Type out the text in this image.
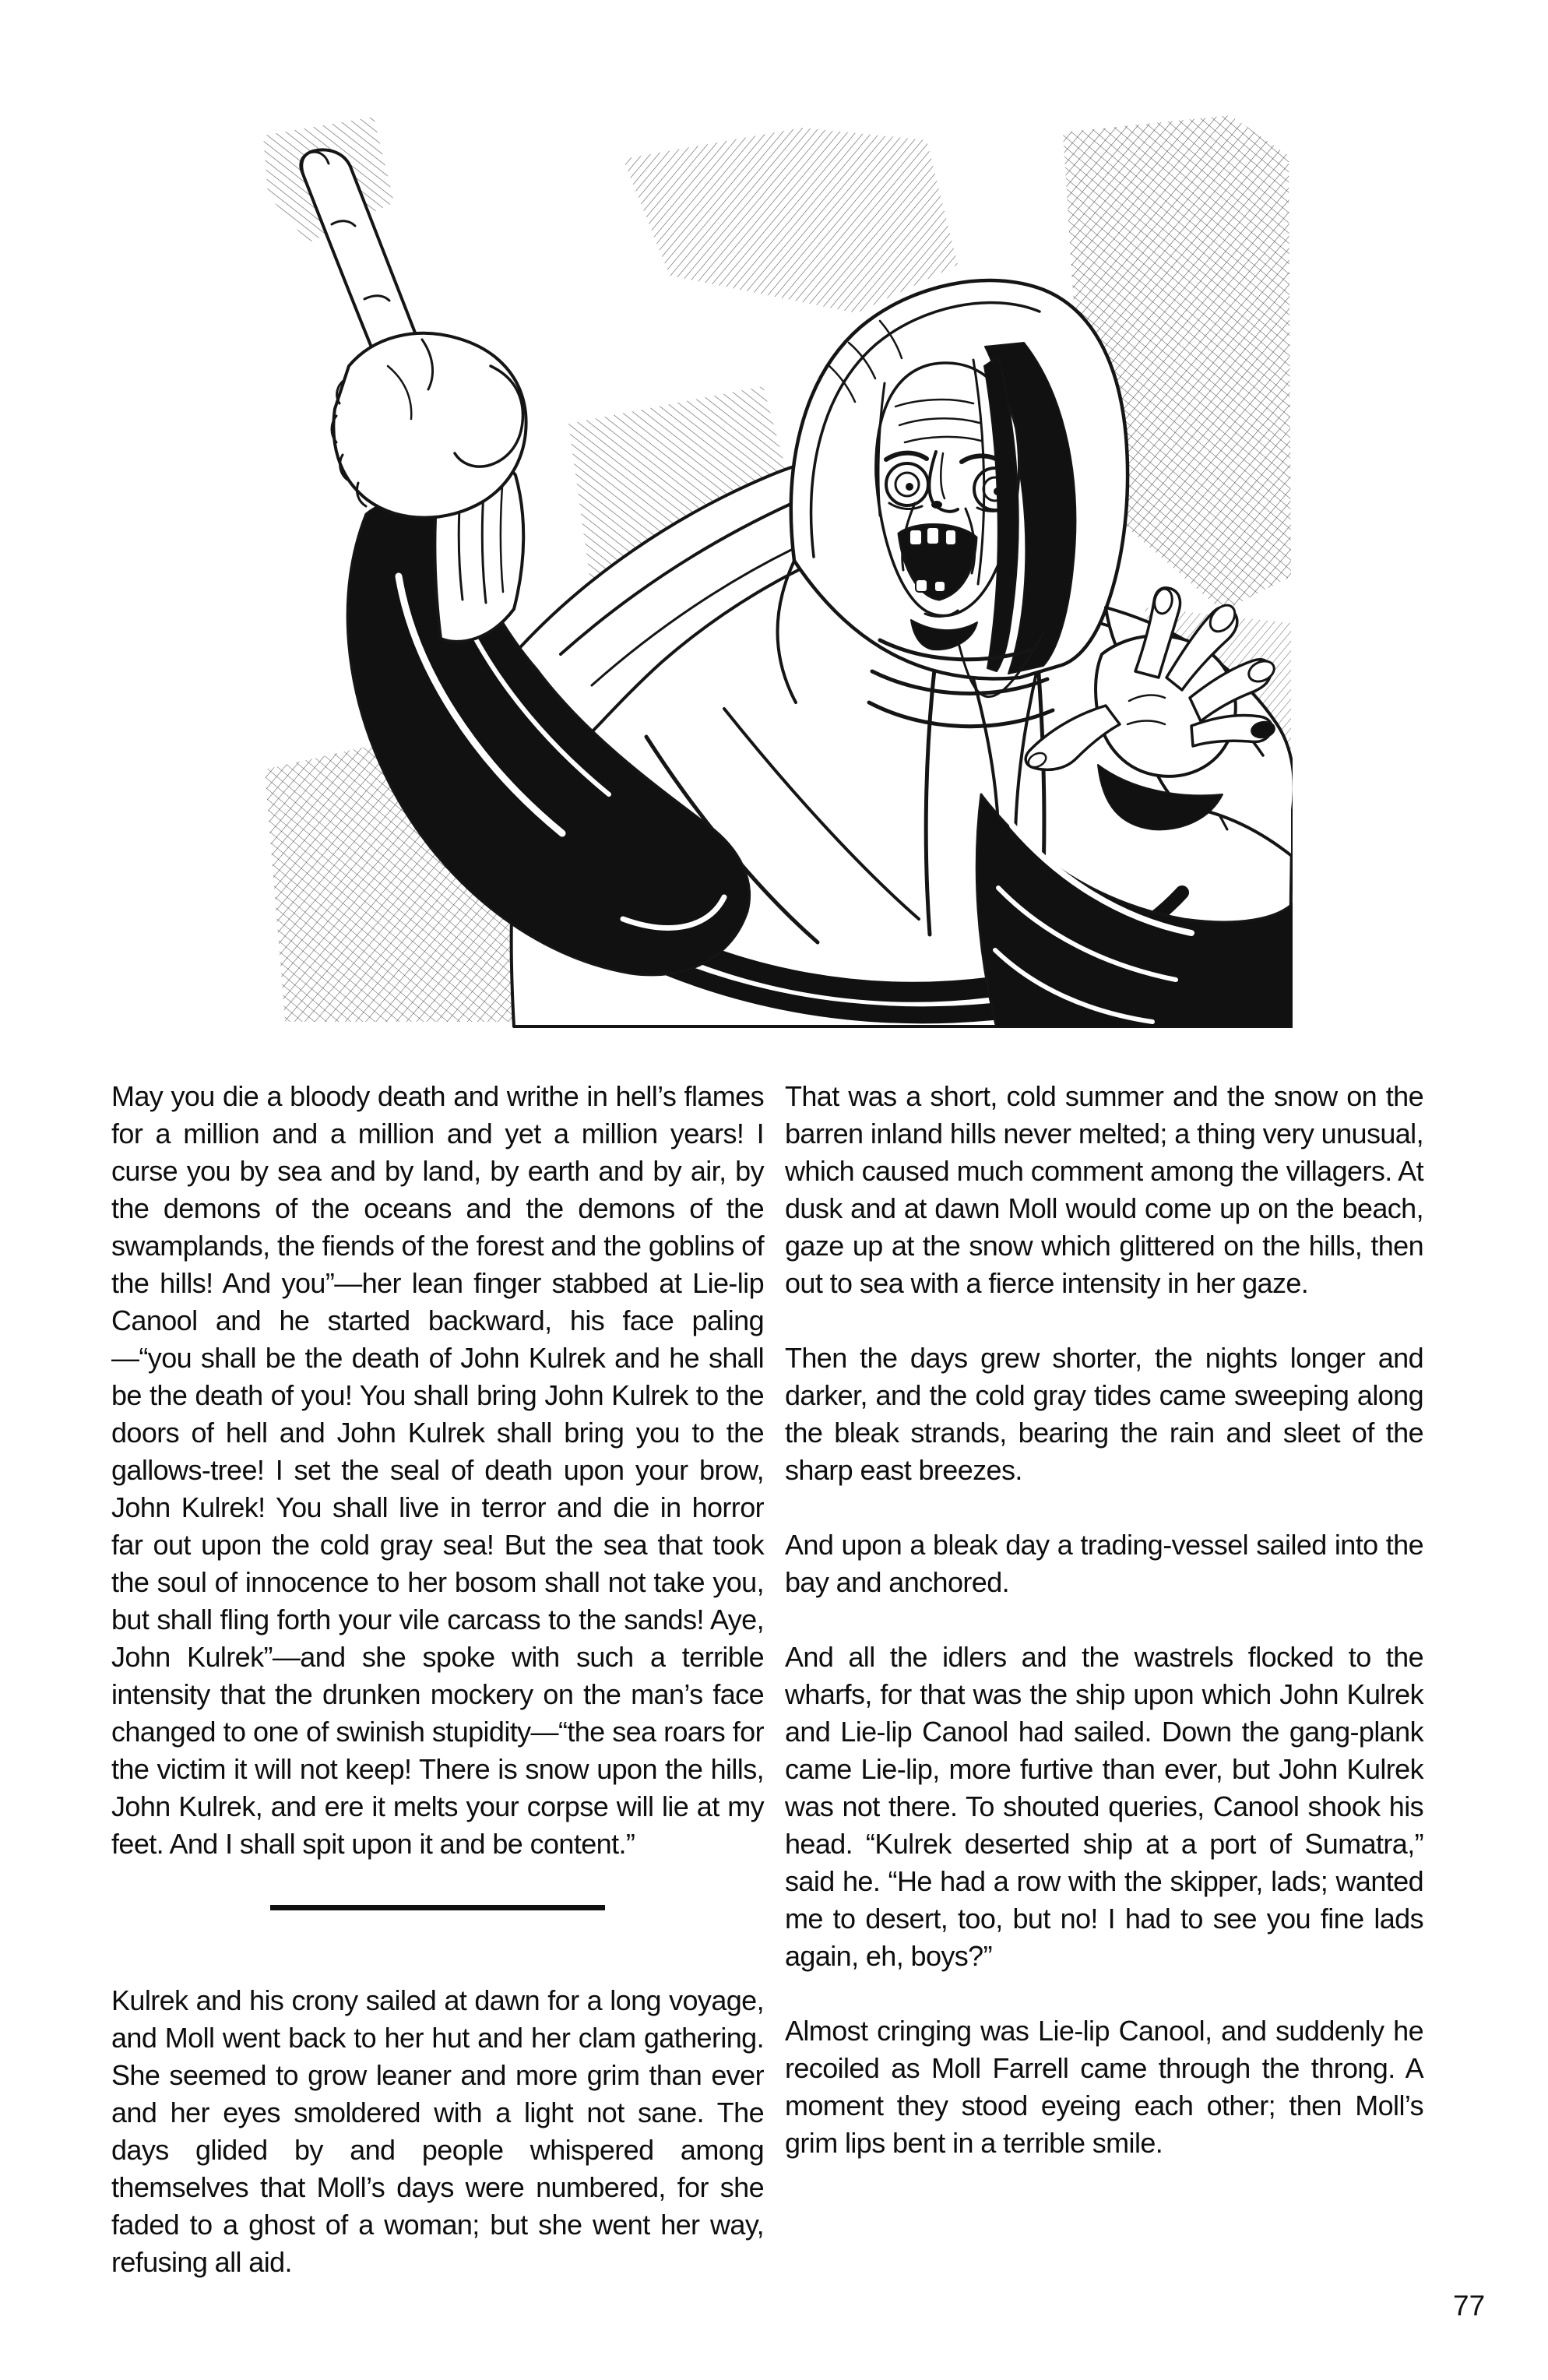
May you die a bloody death and writhe in hell’s flames for a million and a million and yet a million years! I curse you by sea and by land, by earth and by air, by the demons of the oceans and the demons of the swamplands, the fiends of the forest and the goblins of the hills! And you”—her lean finger stabbed at Lie-lip Canool and he started backward, his face paling—“you shall be the death of John Kulrek and he shall be the death of you! You shall bring John Kulrek to the doors of hell and John Kulrek shall bring you to the gallows-tree! I set the seal of death upon your brow, John Kulrek! You shall live in terror and die in horror far out upon the cold gray sea! But the sea that took the soul of innocence to her bosom shall not take you, but shall fling forth your vile carcass to the sands! Aye, John Kulrek”—and she spoke with such a terrible intensity that the drunken mockery on the man’s face changed to one of swinish stupidity—“the sea roars for the victim it will not keep! There is snow upon the hills, John Kulrek, and ere it melts your corpse will lie at my feet. And I shall spit upon it and be content.”

Kulrek and his crony sailed at dawn for a long voyage, and Moll went back to her hut and her clam gathering. She seemed to grow leaner and more grim than ever and her eyes smoldered with a light not sane. The days glided by and people whispered among themselves that Moll’s days were numbered, for she faded to a ghost of a woman; but she went her way, refusing all aid.

That was a short, cold summer and the snow on the barren inland hills never melted; a thing very unusual, which caused much comment among the villagers. At dusk and at dawn Moll would come up on the beach, gaze up at the snow which glittered on the hills, then out to sea with a fierce intensity in her gaze.

Then the days grew shorter, the nights longer and darker, and the cold gray tides came sweeping along the bleak strands, bearing the rain and sleet of the sharp east breezes.

And upon a bleak day a trading-vessel sailed into the bay and anchored.

And all the idlers and the wastrels flocked to the wharfs, for that was the ship upon which John Kulrek and Lie-lip Canool had sailed. Down the gang-plank came Lie-lip, more furtive than ever, but John Kulrek was not there. To shouted queries, Canool shook his head. “Kulrek deserted ship at a port of Sumatra,” said he. “He had a row with the skipper, lads; wanted me to desert, too, but no! I had to see you fine lads again, eh, boys?”

Almost cringing was Lie-lip Canool, and suddenly he recoiled as Moll Farrell came through the throng. A moment they stood eyeing each other; then Moll’s grim lips bent in a terrible smile.

77
